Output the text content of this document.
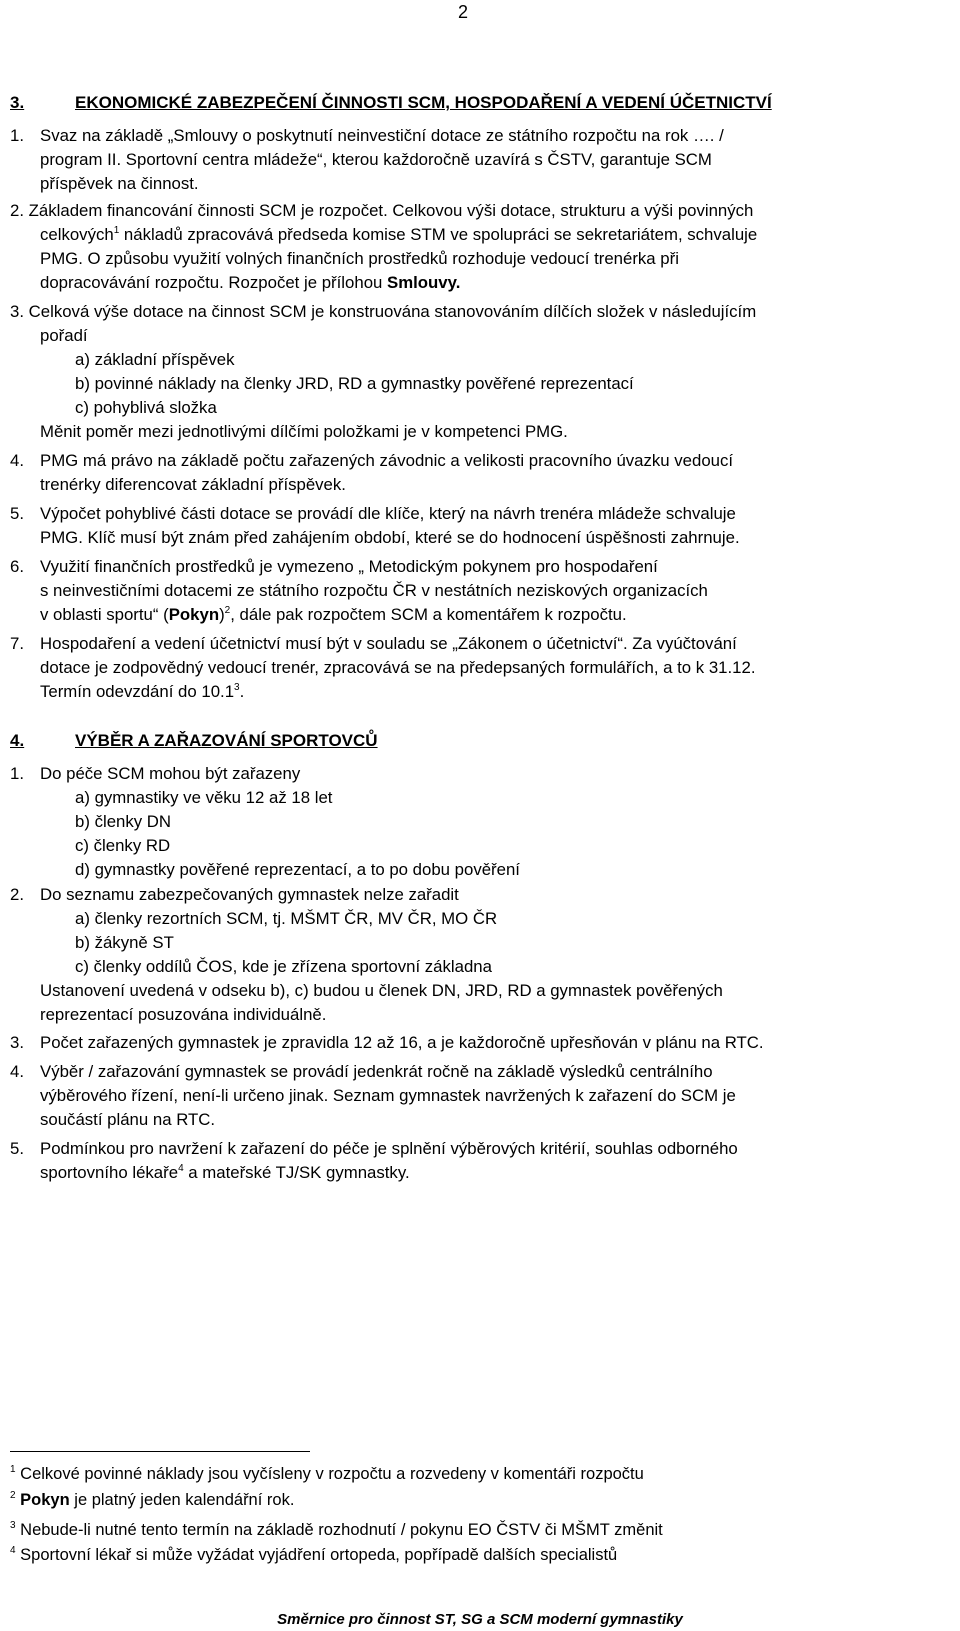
2
3.	EKONOMICKÉ ZABEZPEČENÍ ČINNOSTI SCM, HOSPODAŘENÍ A VEDENÍ ÚČETNICTVÍ
1. Svaz na základě „Smlouvy o poskytnutí neinvestiční dotace ze státního rozpočtu na rok …. /
program II. Sportovní centra mládeže“, kterou každoročně uzavírá s ČSTV, garantuje SCM
příspěvek na činnost.
2. Základem financování činnosti SCM je rozpočet. Celkovou výši dotace, strukturu a výši povinných
celkových$^1$ nákladů zpracovává předseda komise STM ve spolupráci se sekretariátem, schvaluje
PMG. O způsobu využití volných finančních prostředků rozhoduje vedoucí trenérka při
dopracovávání rozpočtu. Rozpočet je přílohou Smlouvy.
3. Celková výše dotace na činnost SCM je konstruována stanovováním dílčích složek v následujícím
pořadí
a) základní příspěvek
b) povinné náklady na členky JRD, RD a gymnastky pověřené reprezentací
c) pohyblivá složka
Měnit poměr mezi jednotlivými dílčími položkami je v kompetenci PMG.
4. PMG má právo na základě počtu zařazených závodnic a velikosti pracovního úvazku vedoucí
trenérky diferencovat základní příspěvek.
5. Výpočet pohyblivé části dotace se provádí dle klíče, který na návrh trenéra mládeže schvaluje
PMG. Klíč musí být znám před zahájením období, které se do hodnocení úspěšnosti zahrnuje.
6. Využití finančních prostředků je vymezeno „ Metodickým pokynem pro hospodaření
s neinvestičními dotacemi ze státního rozpočtu ČR v nestátních neziskových organizacích
v oblasti sportu“ (Pokyn)$^2$, dále pak rozpočtem SCM a komentářem k rozpočtu.
7. Hospodaření a vedení účetnictví musí být v souladu se „Zákonem o účetnictví“. Za vyúčtování
dotace je zodpovědný vedoucí trenér, zpracovává se na předepsaných formulářích, a to k 31.12.
Termín odevzdání do 10.1$^3$.
4.	VÝBĚR A ZAŘAZOVÁNÍ SPORTOVCŮ
1. Do péče SCM mohou být zařazeny
a) gymnastiky ve věku 12 až 18 let
b) členky DN
c) členky RD
d) gymnastky pověřené reprezentací, a to po dobu pověření
2. Do seznamu zabezpečovaných gymnastek nelze zařadit
a) členky rezortních SCM, tj. MŠMT ČR, MV ČR, MO ČR
b) žákyně ST
c) členky oddílů ČOS, kde je zřízena sportovní základna
Ustanovení uvedená v odseku b), c) budou u členek DN, JRD, RD a gymnastek pověřených
reprezentací posuzována individuálně.
3. Počet zařazených gymnastek je zpravidla 12 až 16, a je každoročně upřesňován v plánu na RTC.
4. Výběr / zařazování gymnastek se provádí jedenkrát ročně na základě výsledků centrálního
výběrového řízení, není-li určeno jinak. Seznam gymnastek navržených k zařazení do SCM je
součástí plánu na RTC.
5. Podmínkou pro navržení k zařazení do péče je splnění výběrových kritérií, souhlas odborného
sportovního lékaře$^4$ a mateřské TJ/SK gymnastky.
$^1$ Celkové povinné náklady jsou vyčísleny v rozpočtu a rozvedeny v komentáři rozpočtu
$^2$ Pokyn je platný jeden kalendářní rok.
$^3$ Nebude-li nutné tento termín na základě rozhodnutí / pokynu EO ČSTV či MŠMT změnit
$^4$ Sportovní lékař si může vyžádat vyjádření ortopeda, popřípadě dalších specialistů
Směrnice pro činnost ST, SG a SCM moderní gymnastiky
